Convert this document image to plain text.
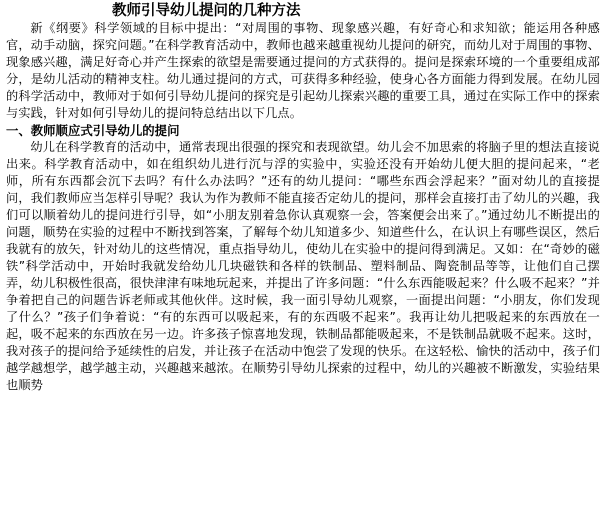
教师引导幼儿提问的几种方法

新《纲要》科学领域的目标中提出：“对周围的事物、现象感兴趣，有好奇心和求知欲；能运用各种感官，动手动脑，探究问题。”在科学教育活动中，教师也越来越重视幼儿提问的研究，而幼儿对于周围的事物、现象感兴趣，满足好奇心并产生探索的欲望是需要通过提问的方式获得的。提问是探索环境的一个重要组成部分，是幼儿活动的精神支柱。幼儿通过提问的方式，可获得多种经验，使身心各方面能力得到发展。在幼儿园的科学活动中，教师对于如何引导幼儿提问的探究是引起幼儿探索兴趣的重要工具，通过在实际工作中的探索与实践，针对如何引导幼儿的提问特总结出以下几点。

一、教师顺应式引导幼儿的提问

幼儿在科学教育的活动中，通常表现出很强的探究和表现欲望。幼儿会不加思索的将脑子里的想法直接说出来。科学教育活动中，如在组织幼儿进行沉与浮的实验中，实验还没有开始幼儿便大胆的提问起来，“老师，所有东西都会沉下去吗？有什么办法吗？”还有的幼儿提问：“哪些东西会浮起来？”面对幼儿的直接提问，我们教师应当怎样引导呢？我认为作为教师不能直接否定幼儿的提问，那样会直接打击了幼儿的兴趣，我们可以顺着幼儿的提问进行引导，如“小朋友别着急你认真观察一会，答案便会出来了。”通过幼儿不断提出的问题，顺势在实验的过程中不断找到答案，了解每个幼儿知道多少、知道些什么，在认识上有哪些误区，然后我就有的放矢，针对幼儿的这些情况，重点指导幼儿，使幼儿在实验中的提问得到满足。又如：在“奇妙的磁铁”科学活动中，开始时我就发给幼儿几块磁铁和各样的铁制品、塑料制品、陶瓷制品等等，让他们自己摆弄，幼儿积极性很高，很快津津有味地玩起来，并提出了许多问题：“什么东西能吸起来？什么吸不起来？”并争着把自己的问题告诉老师或其他伙伴。这时候，我一面引导幼儿观察，一面提出问题：“小朋友，你们发现了什么？”孩子们争着说：“有的东西可以吸起来，有的东西吸不起来”。我再让幼儿把吸起来的东西放在一起，吸不起来的东西放在另一边。许多孩子惊喜地发现，铁制品都能吸起来，不是铁制品就吸不起来。这时，我对孩子的提问给予延续性的启发，并让孩子在活动中饱尝了发现的快乐。在这轻松、愉快的活动中，孩子们越学越想学，越学越主动，兴趣越来越浓。在顺势引导幼儿探索的过程中，幼儿的兴趣被不断激发，实验结果也顺势
